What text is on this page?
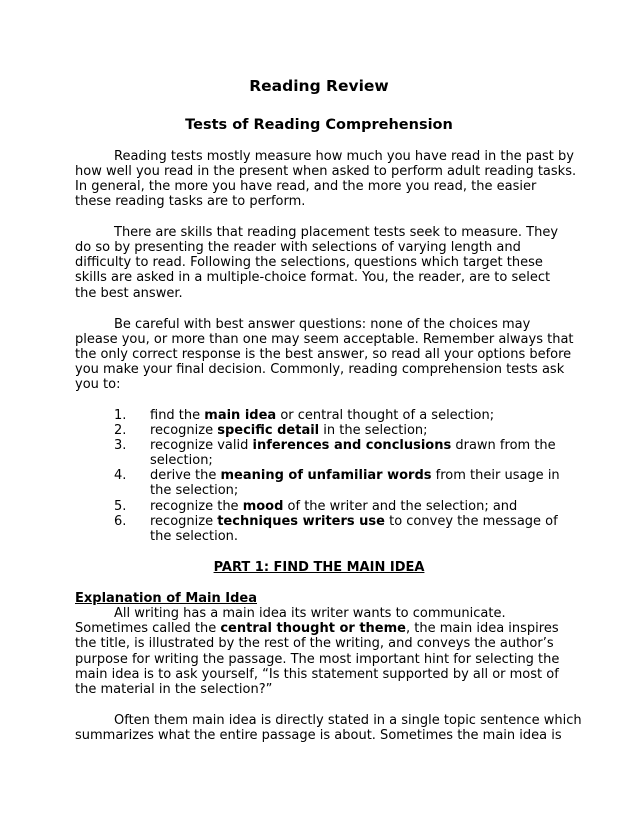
Reading Review
Tests of Reading Comprehension
Reading tests mostly measure how much you have read in the past by
how well you read in the present when asked to perform adult reading tasks.
In general, the more you have read, and the more you read, the easier
these reading tasks are to perform.
There are skills that reading placement tests seek to measure. They
do so by presenting the reader with selections of varying length and
difficulty to read. Following the selections, questions which target these
skills are asked in a multiple-choice format. You, the reader, are to select
the best answer.
Be careful with best answer questions: none of the choices may
please you, or more than one may seem acceptable. Remember always that
the only correct response is the best answer, so read all your options before
you make your final decision. Commonly, reading comprehension tests ask
you to:
1. find the main idea or central thought of a selection;
2. recognize specific detail in the selection;
3. recognize valid inferences and conclusions drawn from the
selection;
4. derive the meaning of unfamiliar words from their usage in
the selection;
5. recognize the mood of the writer and the selection; and
6. recognize techniques writers use to convey the message of
the selection.
PART 1: FIND THE MAIN IDEA
Explanation of Main Idea
All writing has a main idea its writer wants to communicate.
Sometimes called the central thought or theme, the main idea inspires
the title, is illustrated by the rest of the writing, and conveys the author’s
purpose for writing the passage. The most important hint for selecting the
main idea is to ask yourself, “Is this statement supported by all or most of
the material in the selection?”
Often them main idea is directly stated in a single topic sentence which
summarizes what the entire passage is about. Sometimes the main idea is
